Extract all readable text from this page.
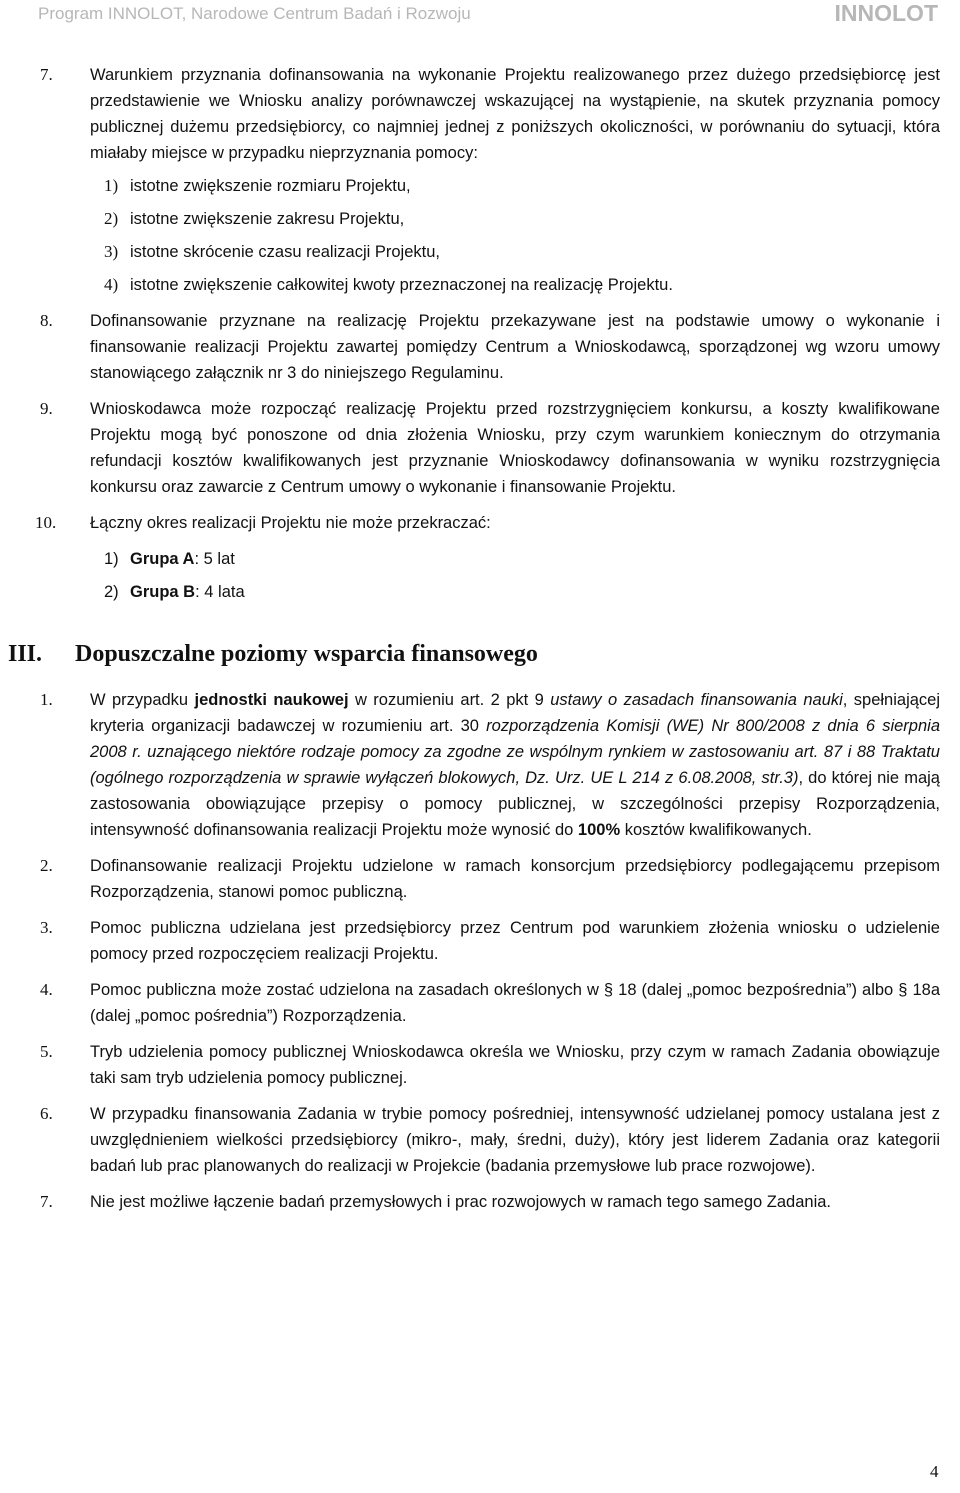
Program INNOLOT, Narodowe Centrum Badań i Rozwoju	INNOLOT
7. Warunkiem przyznania dofinansowania na wykonanie Projektu realizowanego przez dużego przedsiębiorcę jest przedstawienie we Wniosku analizy porównawczej wskazującej na wystąpienie, na skutek przyznania pomocy publicznej dużemu przedsiębiorcy, co najmniej jednej z poniższych okoliczności, w porównaniu do sytuacji, która miałaby miejsce w przypadku nieprzyznania pomocy:
1) istotne zwiększenie rozmiaru Projektu,
2) istotne zwiększenie zakresu Projektu,
3) istotne skrócenie czasu realizacji Projektu,
4) istotne zwiększenie całkowitej kwoty przeznaczonej na realizację Projektu.
8. Dofinansowanie przyznane na realizację Projektu przekazywane jest na podstawie umowy o wykonanie i finansowanie realizacji Projektu zawartej pomiędzy Centrum a Wnioskodawcą, sporządzonej wg wzoru umowy stanowiącego załącznik nr 3 do niniejszego Regulaminu.
9. Wnioskodawca może rozpocząć realizację Projektu przed rozstrzygnięciem konkursu, a koszty kwalifikowane Projektu mogą być ponoszone od dnia złożenia Wniosku, przy czym warunkiem koniecznym do otrzymania refundacji kosztów kwalifikowanych jest przyznanie Wnioskodawcy dofinansowania w wyniku rozstrzygnięcia konkursu oraz zawarcie z Centrum umowy o wykonanie i finansowanie Projektu.
10. Łączny okres realizacji Projektu nie może przekraczać:
1) Grupa A: 5 lat
2) Grupa B: 4 lata
III. Dopuszczalne poziomy wsparcia finansowego
1. W przypadku jednostki naukowej w rozumieniu art. 2 pkt 9 ustawy o zasadach finansowania nauki, spełniającej kryteria organizacji badawczej w rozumieniu art. 30 rozporządzenia Komisji (WE) Nr 800/2008 z dnia 6 sierpnia 2008 r. uznającego niektóre rodzaje pomocy za zgodne ze wspólnym rynkiem w zastosowaniu art. 87 i 88 Traktatu (ogólnego rozporządzenia w sprawie wyłączeń blokowych, Dz. Urz. UE L 214 z 6.08.2008, str.3), do której nie mają zastosowania obowiązujące przepisy o pomocy publicznej, w szczególności przepisy Rozporządzenia, intensywność dofinansowania realizacji Projektu może wynosić do 100% kosztów kwalifikowanych.
2. Dofinansowanie realizacji Projektu udzielone w ramach konsorcjum przedsiębiorcy podlegającemu przepisom Rozporządzenia, stanowi pomoc publiczną.
3. Pomoc publiczna udzielana jest przedsiębiorcy przez Centrum pod warunkiem złożenia wniosku o udzielenie pomocy przed rozpoczęciem realizacji Projektu.
4. Pomoc publiczna może zostać udzielona na zasadach określonych w § 18 (dalej „pomoc bezpośrednia”) albo § 18a (dalej „pomoc pośrednia”) Rozporządzenia.
5. Tryb udzielenia pomocy publicznej Wnioskodawca określa we Wniosku, przy czym w ramach Zadania obowiązuje taki sam tryb udzielenia pomocy publicznej.
6. W przypadku finansowania Zadania w trybie pomocy pośredniej, intensywność udzielanej pomocy ustalana jest z uwzględnieniem wielkości przedsiębiorcy (mikro-, mały, średni, duży), który jest liderem Zadania oraz kategorii badań lub prac planowanych do realizacji w Projekcie (badania przemysłowe lub prace rozwojowe).
7. Nie jest możliwe łączenie badań przemysłowych i prac rozwojowych w ramach tego samego Zadania.
4
